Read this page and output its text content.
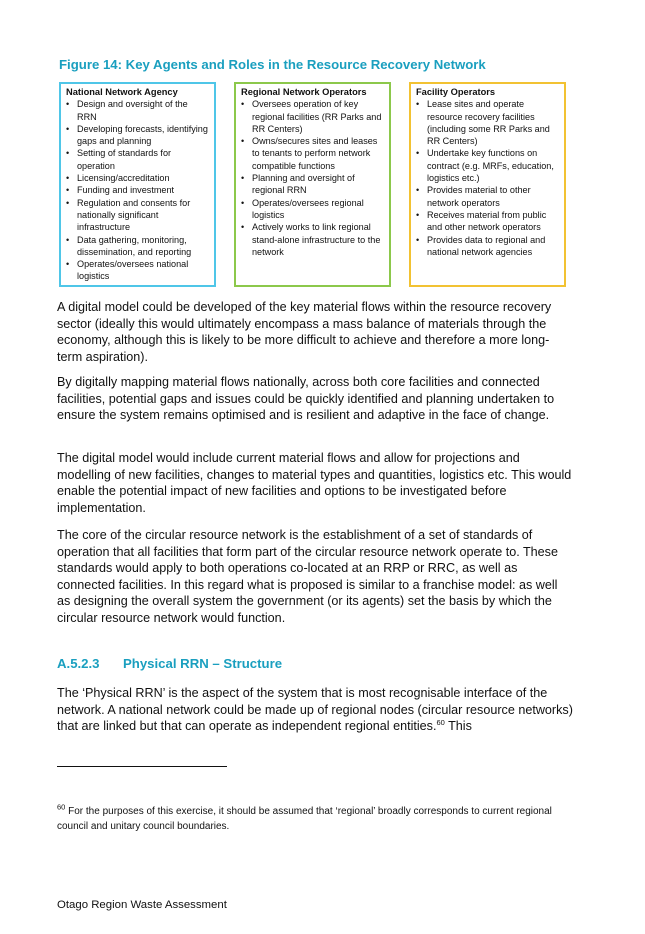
Figure 14: Key Agents and Roles in the Resource Recovery Network
National Network Agency
• Design and oversight of the RRN
• Developing forecasts, identifying gaps and planning
• Setting of standards for operation
• Licensing/accreditation
• Funding and investment
• Regulation and consents for nationally significant infrastructure
• Data gathering, monitoring, dissemination, and reporting
• Operates/oversees national logistics
Regional Network Operators
• Oversees operation of key regional facilities (RR Parks and RR Centers)
• Owns/secures sites and leases to tenants to perform network compatible functions
• Planning and oversight of regional RRN
• Operates/oversees regional logistics
• Actively works to link regional stand-alone infrastructure to the network
Facility Operators
• Lease sites and operate resource recovery facilities (including some RR Parks and RR Centers)
• Undertake key functions on contract (e.g. MRFs, education, logistics etc.)
• Provides material to other network operators
• Receives material from public and other network operators
• Provides data to regional and national network agencies

A digital model could be developed of the key material flows within the resource recovery sector (ideally this would ultimately encompass a mass balance of materials through the economy, although this is likely to be more difficult to achieve and therefore a more long-term aspiration).

By digitally mapping material flows nationally, across both core facilities and connected facilities, potential gaps and issues could be quickly identified and planning undertaken to ensure the system remains optimised and is resilient and adaptive in the face of change.

The digital model would include current material flows and allow for projections and modelling of new facilities, changes to material types and quantities, logistics etc. This would enable the potential impact of new facilities and options to be investigated before implementation.

The core of the circular resource network is the establishment of a set of standards of operation that all facilities that form part of the circular resource network operate to. These standards would apply to both operations co-located at an RRP or RRC, as well as connected facilities. In this regard what is proposed is similar to a franchise model: as well as designing the overall system the government (or its agents) set the basis by which the circular resource network would function.

A.5.2.3 Physical RRN – Structure

The ‘Physical RRN’ is the aspect of the system that is most recognisable interface of the network. A national network could be made up of regional nodes (circular resource networks) that are linked but that can operate as independent regional entities.$^{60}$ This

$^{60}$ For the purposes of this exercise, it should be assumed that ‘regional’ broadly corresponds to current regional council and unitary council boundaries.

Otago Region Waste Assessment
